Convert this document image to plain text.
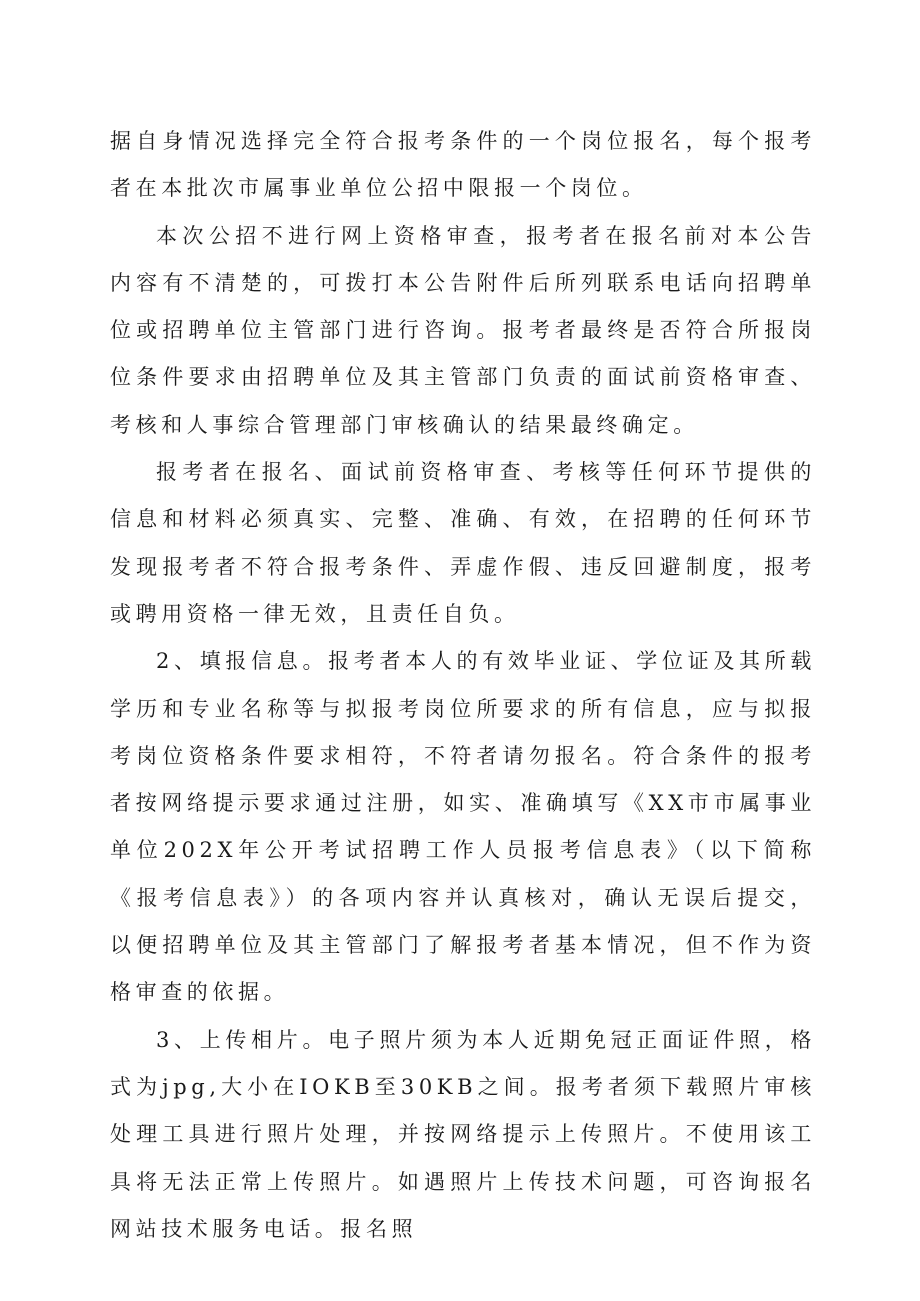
据自身情况选择完全符合报考条件的一个岗位报名，每个报考者在本批次市属事业单位公招中限报一个岗位。

本次公招不进行网上资格审查，报考者在报名前对本公告内容有不清楚的，可拨打本公告附件后所列联系电话向招聘单位或招聘单位主管部门进行咨询。报考者最终是否符合所报岗位条件要求由招聘单位及其主管部门负责的面试前资格审查、考核和人事综合管理部门审核确认的结果最终确定。

报考者在报名、面试前资格审查、考核等任何环节提供的信息和材料必须真实、完整、准确、有效，在招聘的任何环节发现报考者不符合报考条件、弄虚作假、违反回避制度，报考或聘用资格一律无效，且责任自负。

2、填报信息。报考者本人的有效毕业证、学位证及其所载学历和专业名称等与拟报考岗位所要求的所有信息，应与拟报考岗位资格条件要求相符，不符者请勿报名。符合条件的报考者按网络提示要求通过注册，如实、准确填写《XX市市属事业单位202X年公开考试招聘工作人员报考信息表》（以下简称《报考信息表》）的各项内容并认真核对，确认无误后提交，以便招聘单位及其主管部门了解报考者基本情况，但不作为资格审查的依据。

3、上传相片。电子照片须为本人近期免冠正面证件照，格式为jpg,大小在IOKB至30KB之间。报考者须下载照片审核处理工具进行照片处理，并按网络提示上传照片。不使用该工具将无法正常上传照片。如遇照片上传技术问题，可咨询报名网站技术服务电话。报名照
